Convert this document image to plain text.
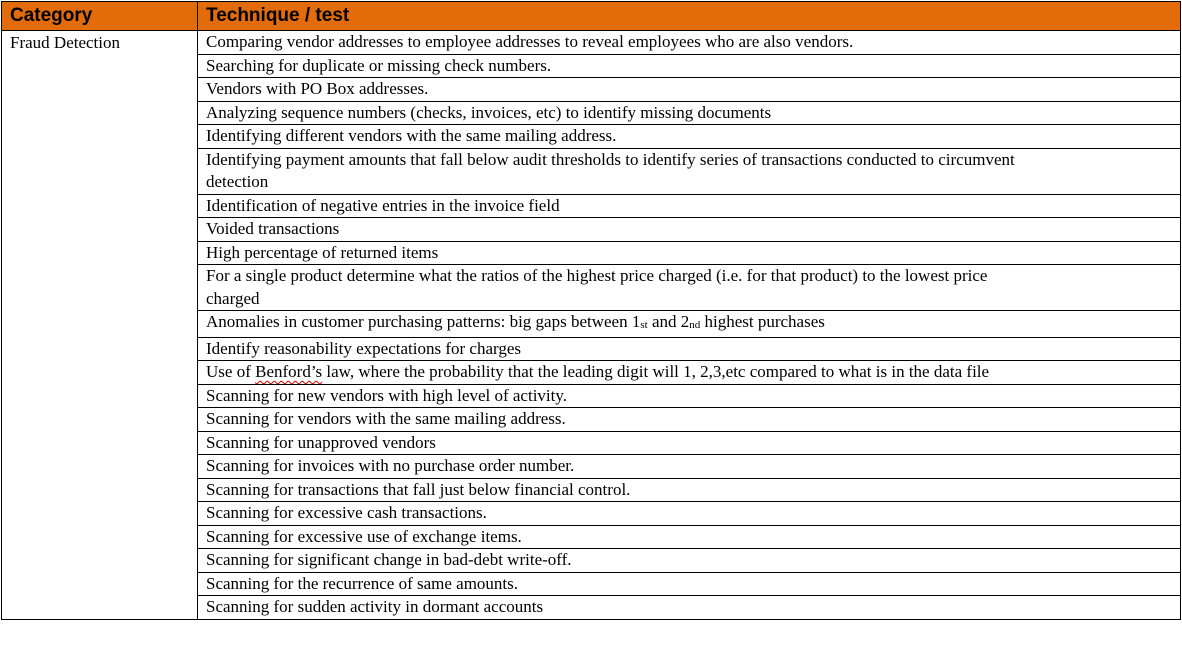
Category	Technique / test
Fraud Detection	Comparing vendor addresses to employee addresses to reveal employees who are also vendors.
	Searching for duplicate or missing check numbers.
	Vendors with PO Box addresses.
	Analyzing sequence numbers (checks, invoices, etc) to identify missing documents
	Identifying different vendors with the same mailing address.
	Identifying payment amounts that fall below audit thresholds to identify series of transactions conducted to circumvent detection
	Identification of negative entries in the invoice field
	Voided transactions
	High percentage of returned items
	For a single product determine what the ratios of the highest price charged (i.e. for that product) to the lowest price charged
	Anomalies in customer purchasing patterns: big gaps between $1_{st}$ and $2_{nd}$ highest purchases
	Identify reasonability expectations for charges
	Use of Benford’s law, where the probability that the leading digit will 1, 2,3,etc compared to what is in the data file
	Scanning for new vendors with high level of activity.
	Scanning for vendors with the same mailing address.
	Scanning for unapproved vendors
	Scanning for invoices with no purchase order number.
	Scanning for transactions that fall just below financial control.
	Scanning for excessive cash transactions.
	Scanning for excessive use of exchange items.
	Scanning for significant change in bad-debt write-off.
	Scanning for the recurrence of same amounts.
	Scanning for sudden activity in dormant accounts
